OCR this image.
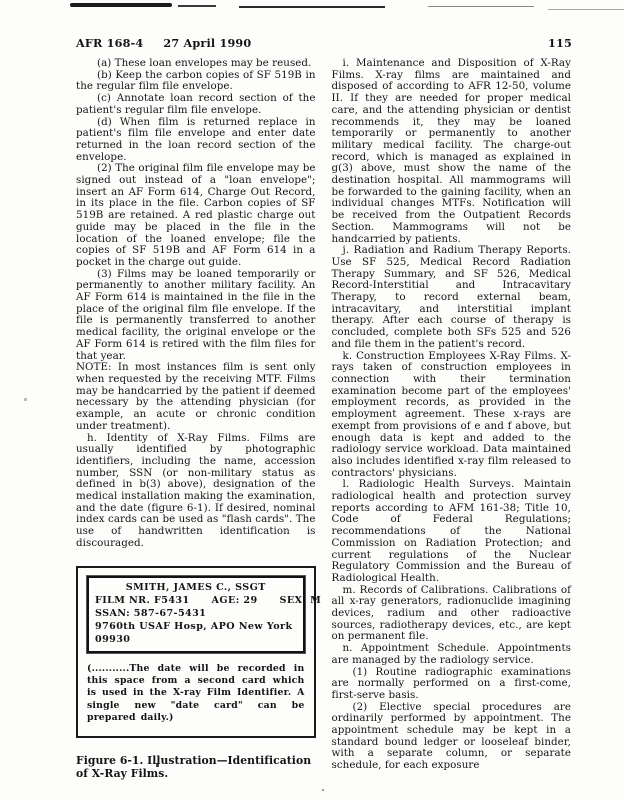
AFR 168-4 27 April 1990	115

(a) These loan envelopes may be reused.

(b) Keep the carbon copies of SF 519B in the regular film file envelope.

(c) Annotate loan record section of the patient's regular film file envelope.

(d) When film is returned replace in patient's film file envelope and enter date returned in the loan record section of the envelope.

(2) The original film file envelope may be signed out instead of a "loan envelope"; insert an AF Form 614, Charge Out Record, in its place in the file. Carbon copies of SF 519B are retained. A red plastic charge out guide may be placed in the file in the location of the loaned envelope; file the copies of SF 519B and AF Form 614 in a pocket in the charge out guide.

(3) Films may be loaned temporarily or permanently to another military facility. An AF Form 614 is maintained in the file in the place of the original film file envelope. If the file is permanently transferred to another medical facility, the original envelope or the AF Form 614 is retired with the film files for that year.

NOTE: In most instances film is sent only when requested by the receiving MTF. Films may be handcarried by the patient if deemed necessary by the attending physician (for example, an acute or chronic condition under treatment).

h. Identity of X-Ray Films. Films are usually identified by photographic identifiers, including the name, accession number, SSN (or non-military status as defined in b(3) above), designation of the medical installation making the examination, and the date (figure 6-1). If desired, nominal index cards can be used as "flash cards". The use of handwritten identification is discouraged.

SMITH, JAMES C., SSGT
FILM NR. F5431 AGE: 29 SEX: M
SSAN: 587-67-5431
9760th USAF Hosp, APO New York 09930

(...........The date will be recorded in this space from a second card which is used in the X-ray Film Identifier. A single new "date card" can be prepared daily.)

Figure 6-1. Illustration—Identification of X-Ray Films.

i. Maintenance and Disposition of X-Ray Films. X-ray films are maintained and disposed of according to AFR 12-50, volume II. If they are needed for proper medical care, and the attending physician or dentist recommends it, they may be loaned temporarily or permanently to another military medical facility. The charge-out record, which is managed as explained in g(3) above, must show the name of the destination hospital. All mammograms will be forwarded to the gaining facility, when an individual changes MTFs. Notification will be received from the Outpatient Records Section. Mammograms will not be handcarried by patients.

j. Radiation and Radium Therapy Reports. Use SF 525, Medical Record Radiation Therapy Summary, and SF 526, Medical Record-Interstitial and Intracavitary Therapy, to record external beam, intracavitary, and interstitial implant therapy. After each course of therapy is concluded, complete both SFs 525 and 526 and file them in the patient's record.

k. Construction Employees X-Ray Films. X-rays taken of construction employees in connection with their termination examination become part of the employees' employment records, as provided in the employment agreement. These x-rays are exempt from provisions of e and f above, but enough data is kept and added to the radiology service workload. Data maintained also includes identified x-ray film released to contractors' physicians.

l. Radiologic Health Surveys. Maintain radiological health and protection survey reports according to AFM 161-38; Title 10, Code of Federal Regulations; recommendations of the National Commission on Radiation Protection; and current regulations of the Nuclear Regulatory Commission and the Bureau of Radiological Health.

m. Records of Calibrations. Calibrations of all x-ray generators, radionuclide imagining devices, radium and other radioactive sources, radiotherapy devices, etc., are kept on permanent file.

n. Appointment Schedule. Appointments are managed by the radiology service.

(1) Routine radiographic examinations are normally performed on a first-come, first-serve basis.

(2) Elective special procedures are ordinarily performed by appointment. The appointment schedule may be kept in a standard bound ledger or looseleaf binder, with a separate column, or separate schedule, for each exposure
